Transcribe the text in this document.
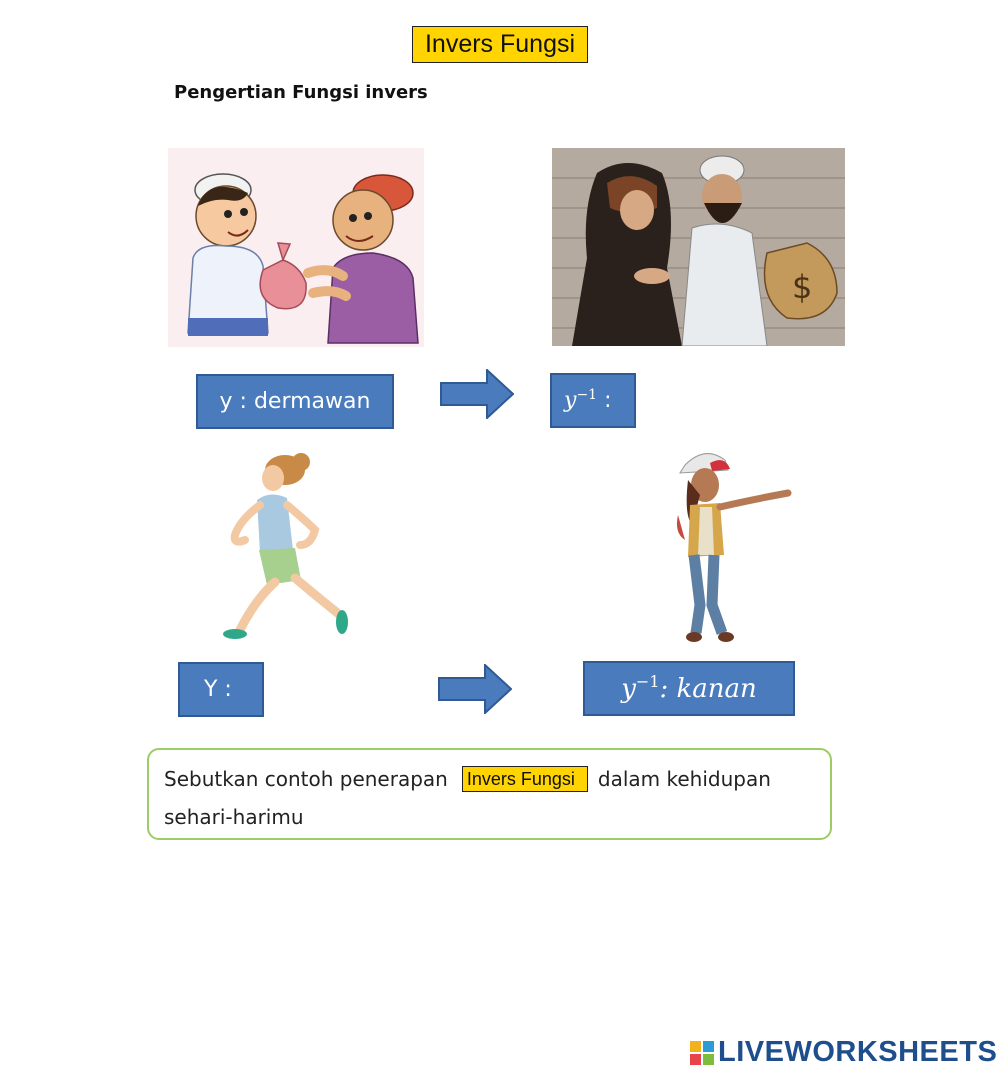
Invers Fungsi
Pengertian Fungsi invers
$
y : dermawan	$y^{-1}$ :
Y :	$y^{-1}$ : kanan
Sebutkan contoh penerapan Invers Fungsi	dalam kehidupan
sehari-harimu
LIVEWORKSHEETS
